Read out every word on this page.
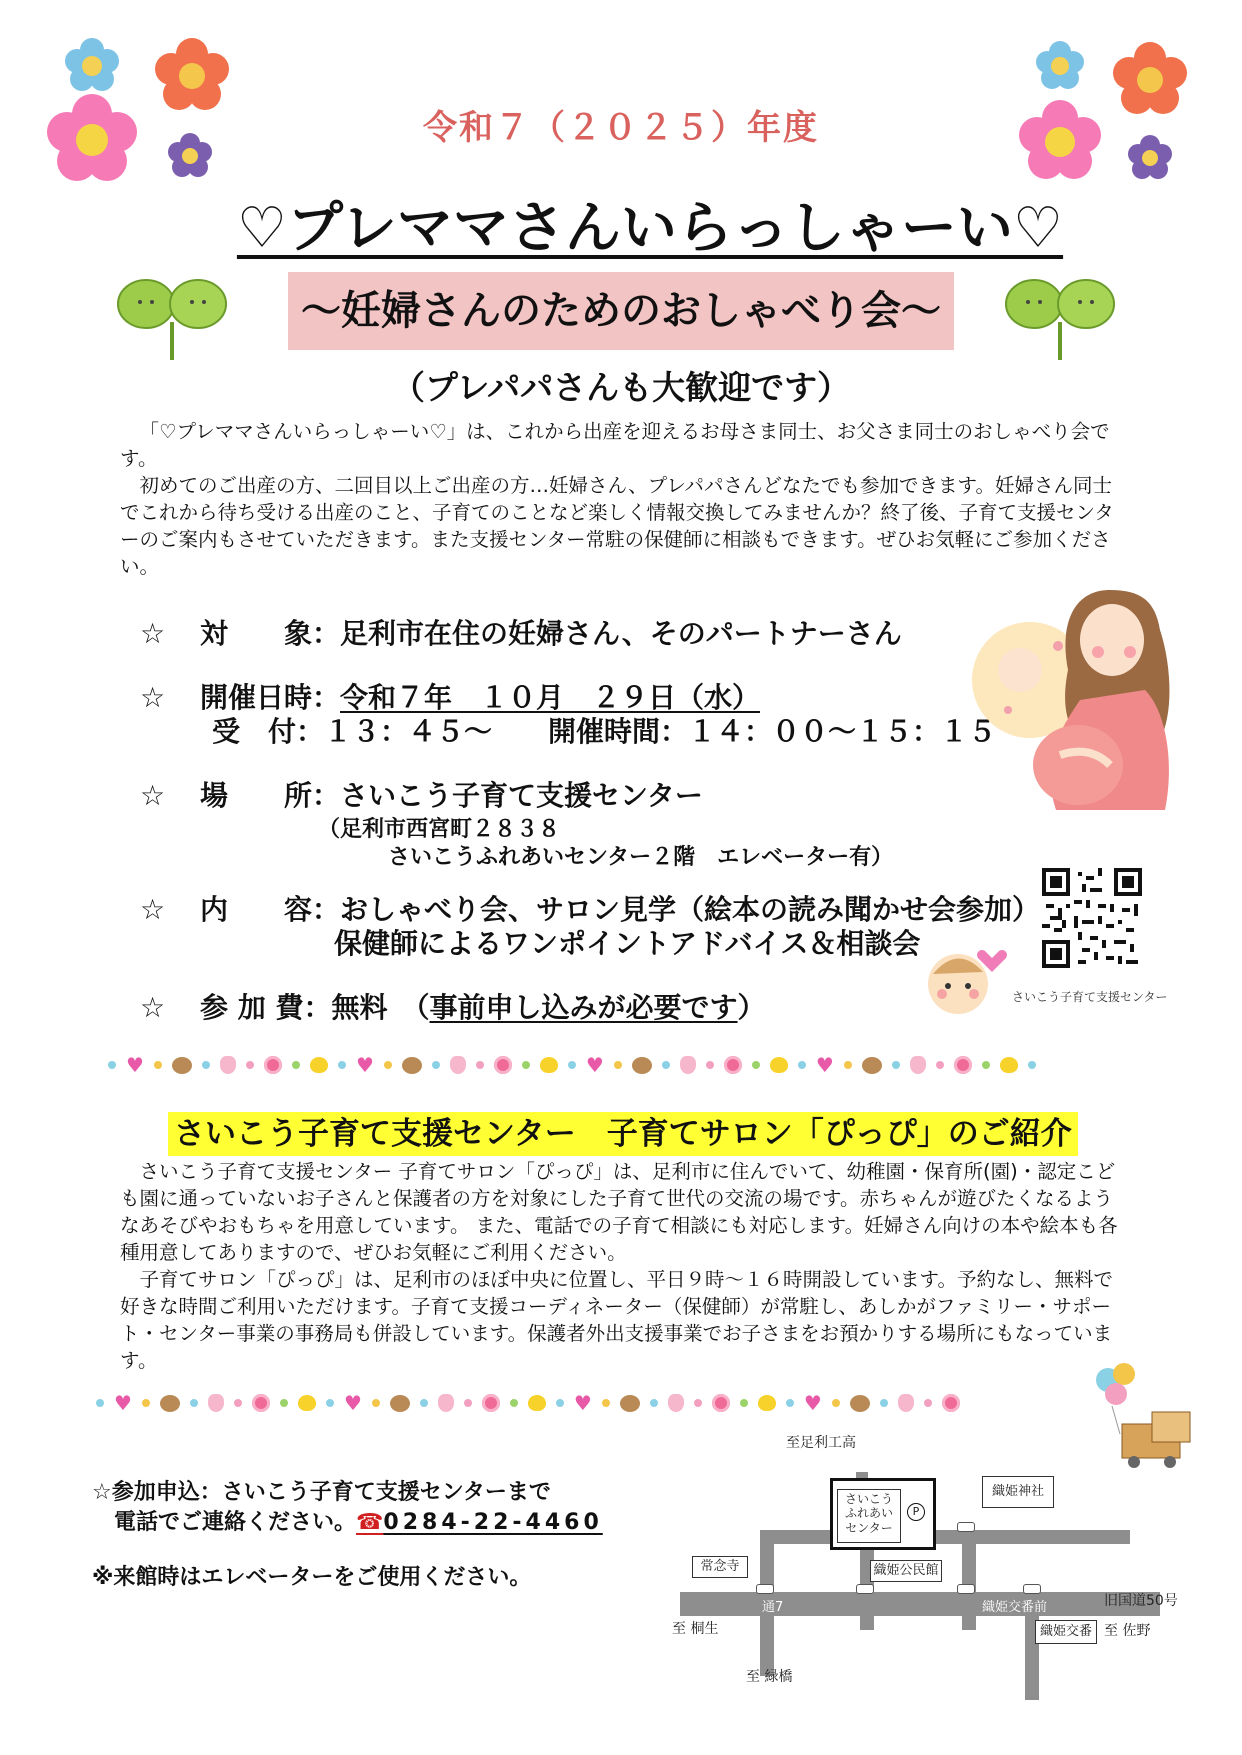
令和７（２０２５）年度
♡プレママさんいらっしゃーい♡
～妊婦さんのためのおしゃべり会～
（プレパパさんも大歓迎です）

「♡プレママさんいらっしゃーい♡」は、これから出産を迎えるお母さま同士、お父さま同士のおしゃべり会です。

初めてのご出産の方、二回目以上ご出産の方…妊婦さん、プレパパさんどなたでも参加できます。妊婦さん同士でこれから待ち受ける出産のこと、子育てのことなど楽しく情報交換してみませんか？終了後、子育て支援センターのご案内もさせていただきます。また支援センター常駐の保健師に相談もできます。ぜひお気軽にご参加ください。

☆ 対　　象：足利市在住の妊婦さん、そのパートナーさん
☆ 開催日時：令和７年　１０月　２９日（水）
受　付：１３：４５～　　開催時間：１４：００～１５：１５
☆ 場　　所：さいこう子育て支援センター
（足利市西宮町２８３８
さいこうふれあいセンター２階　エレベーター有）
☆ 内　　容：おしゃべり会、サロン見学（絵本の読み聞かせ会参加）
保健師によるワンポイントアドバイス＆相談会
☆ 参 加 費：無料　（事前申し込みが必要です）	さいこう子育て支援センター
♥	♥	♥	♥
さいこう子育て支援センター　子育てサロン「ぴっぴ」のご紹介

さいこう子育て支援センター 子育てサロン「ぴっぴ」は、足利市に住んでいて、幼稚園・保育所(園)・認定こども園に通っていないお子さんと保護者の方を対象にした子育て世代の交流の場です。赤ちゃんが遊びたくなるようなあそびやおもちゃを用意しています。 また、電話での子育て相談にも対応します。妊婦さん向けの本や絵本も各種用意してありますので、ぜひお気軽にご利用ください。

子育てサロン「ぴっぴ」は、足利市のほぼ中央に位置し、平日９時～１６時開設しています。予約なし、無料で好きな時間ご利用いただけます。子育て支援コーディネーター（保健師）が常駐し、あしかがファミリー・サポート・センター事業の事務局も併設しています。保護者外出支援事業でお子さまをお預かりする場所にもなっています。

♥	♥	♥	♥
☆参加申込：さいこう子育て支援センターまで
電話でご連絡ください。☎0284-22-4460
※来館時はエレベーターをご使用ください。
至足利工高
さいこう
ふれあい
センター
P
織姫神社
常念寺	織姫公民館
通7	織姫交番前	旧国道50号
至 桐生	織姫交番 至 佐野
至 緑橋
